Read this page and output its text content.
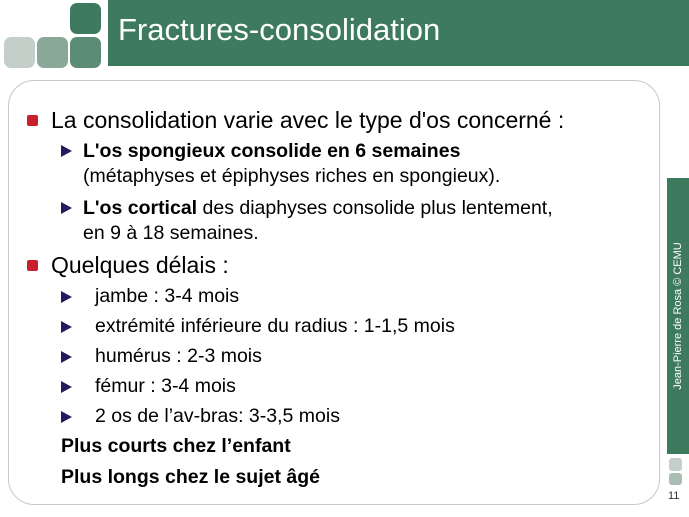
Fractures-consolidation
La consolidation varie avec le type d'os concerné :
L'os spongieux consolide en 6 semaines
(métaphyses et épiphyses riches en spongieux).
L'os cortical des diaphyses consolide plus lentement,
en 9 à 18 semaines.
Quelques délais :
jambe : 3-4 mois
extrémité inférieure du radius : 1-1,5 mois
humérus : 2-3 mois
fémur : 3-4 mois
2 os de l’av-bras: 3-3,5 mois
Plus courts chez l’enfant
Plus longs chez le sujet âgé
Jean-Pierre de Rosa © CEMU
11
